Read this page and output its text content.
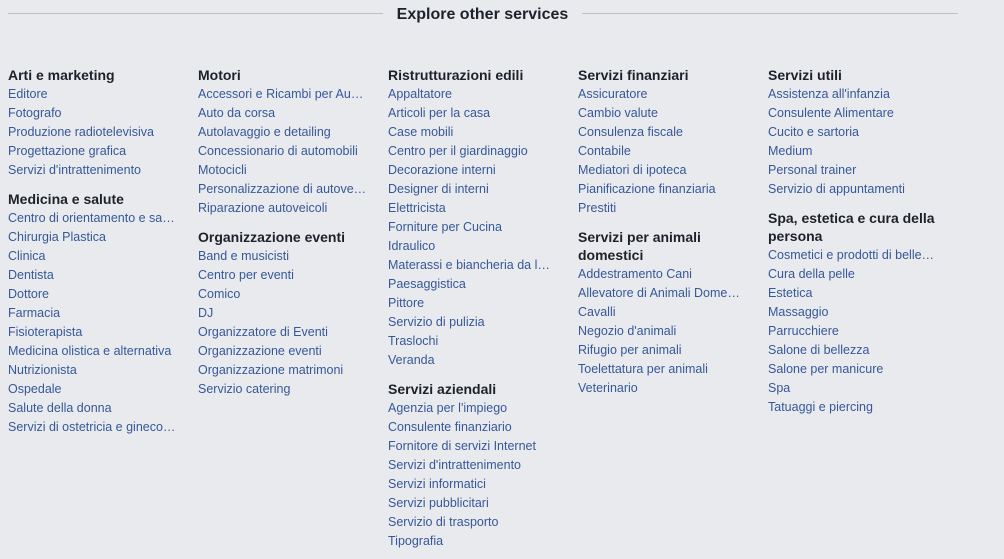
Explore other services
Arti e marketing
Editore
Fotografo
Produzione radiotelevisiva
Progettazione grafica
Servizi d'intrattenimento
Medicina e salute
Centro di orientamento e sa…
Chirurgia Plastica
Clinica
Dentista
Dottore
Farmacia
Fisioterapista
Medicina olistica e alternativa
Nutrizionista
Ospedale
Salute della donna
Servizi di ostetricia e gineco…
Motori
Accessori e Ricambi per Au…
Auto da corsa
Autolavaggio e detailing
Concessionario di automobili
Motocicli
Personalizzazione di autove…
Riparazione autoveicoli
Organizzazione eventi
Band e musicisti
Centro per eventi
Comico
DJ
Organizzatore di Eventi
Organizzazione eventi
Organizzazione matrimoni
Servizio catering
Ristrutturazioni edili
Appaltatore
Articoli per la casa
Case mobili
Centro per il giardinaggio
Decorazione interni
Designer di interni
Elettricista
Forniture per Cucina
Idraulico
Materassi e biancheria da l…
Paesaggistica
Pittore
Servizio di pulizia
Traslochi
Veranda
Servizi aziendali
Agenzia per l'impiego
Consulente finanziario
Fornitore di servizi Internet
Servizi d'intrattenimento
Servizi informatici
Servizi pubblicitari
Servizio di trasporto
Tipografia
Servizi finanziari
Assicuratore
Cambio valute
Consulenza fiscale
Contabile
Mediatori di ipoteca
Pianificazione finanziaria
Prestiti
Servizi per animali domestici
Addestramento Cani
Allevatore di Animali Dome…
Cavalli
Negozio d'animali
Rifugio per animali
Toelettatura per animali
Veterinario
Servizi utili
Assistenza all'infanzia
Consulente Alimentare
Cucito e sartoria
Medium
Personal trainer
Servizio di appuntamenti
Spa, estetica e cura della persona
Cosmetici e prodotti di belle…
Cura della pelle
Estetica
Massaggio
Parrucchiere
Salone di bellezza
Salone per manicure
Spa
Tatuaggi e piercing
